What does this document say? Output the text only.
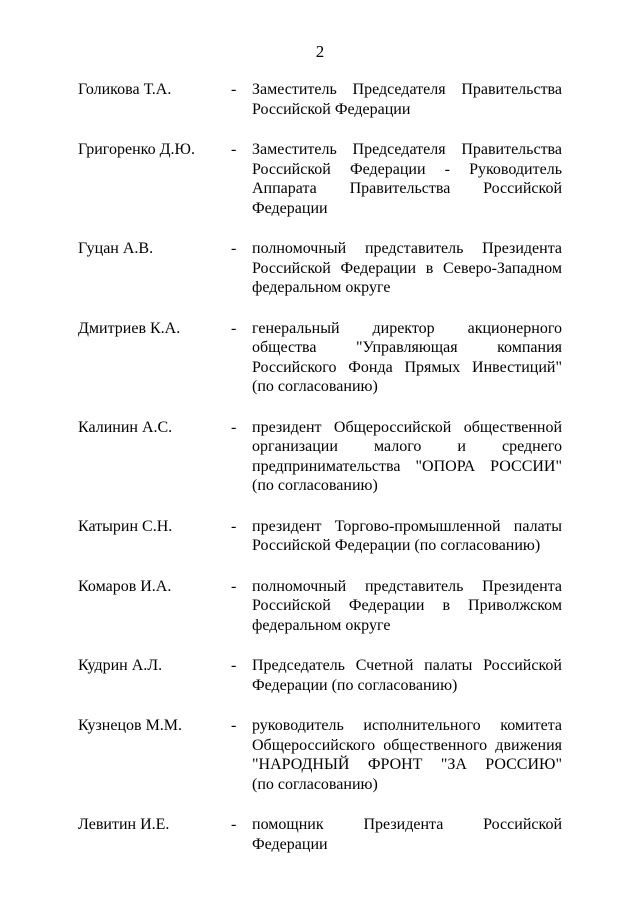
2
Голикова Т.А.	- Заместитель Председателя Правительства
Российской Федерации
Григоренко Д.Ю. - Заместитель Председателя Правительства
Российской Федерации - Руководитель
Аппарата Правительства Российской
Федерации
Гуцан А.В.	- полномочный представитель Президента
Российской Федерации в Северо-Западном
федеральном округе
Дмитриев К.А.	- генеральный директор акционерного
общества "Управляющая компания
Российского Фонда Прямых Инвестиций"
(по согласованию)
Калинин А.С.	- президент Общероссийской общественной
организации малого и среднего
предпринимательства "ОПОРА РОССИИ"
(по согласованию)
Катырин С.Н.	- президент Торгово-промышленной палаты
Российской Федерации (по согласованию)
Комаров И.А.	- полномочный представитель Президента
Российской Федерации в Приволжском
федеральном округе
Кудрин А.Л.	- Председатель Счетной палаты Российской
Федерации (по согласованию)
Кузнецов М.М.	- руководитель исполнительного комитета
Общероссийского общественного движения
"НАРОДНЫЙ ФРОНТ "ЗА РОССИЮ"
(по согласованию)
Левитин И.Е.	- помощник Президента Российской
Федерации
